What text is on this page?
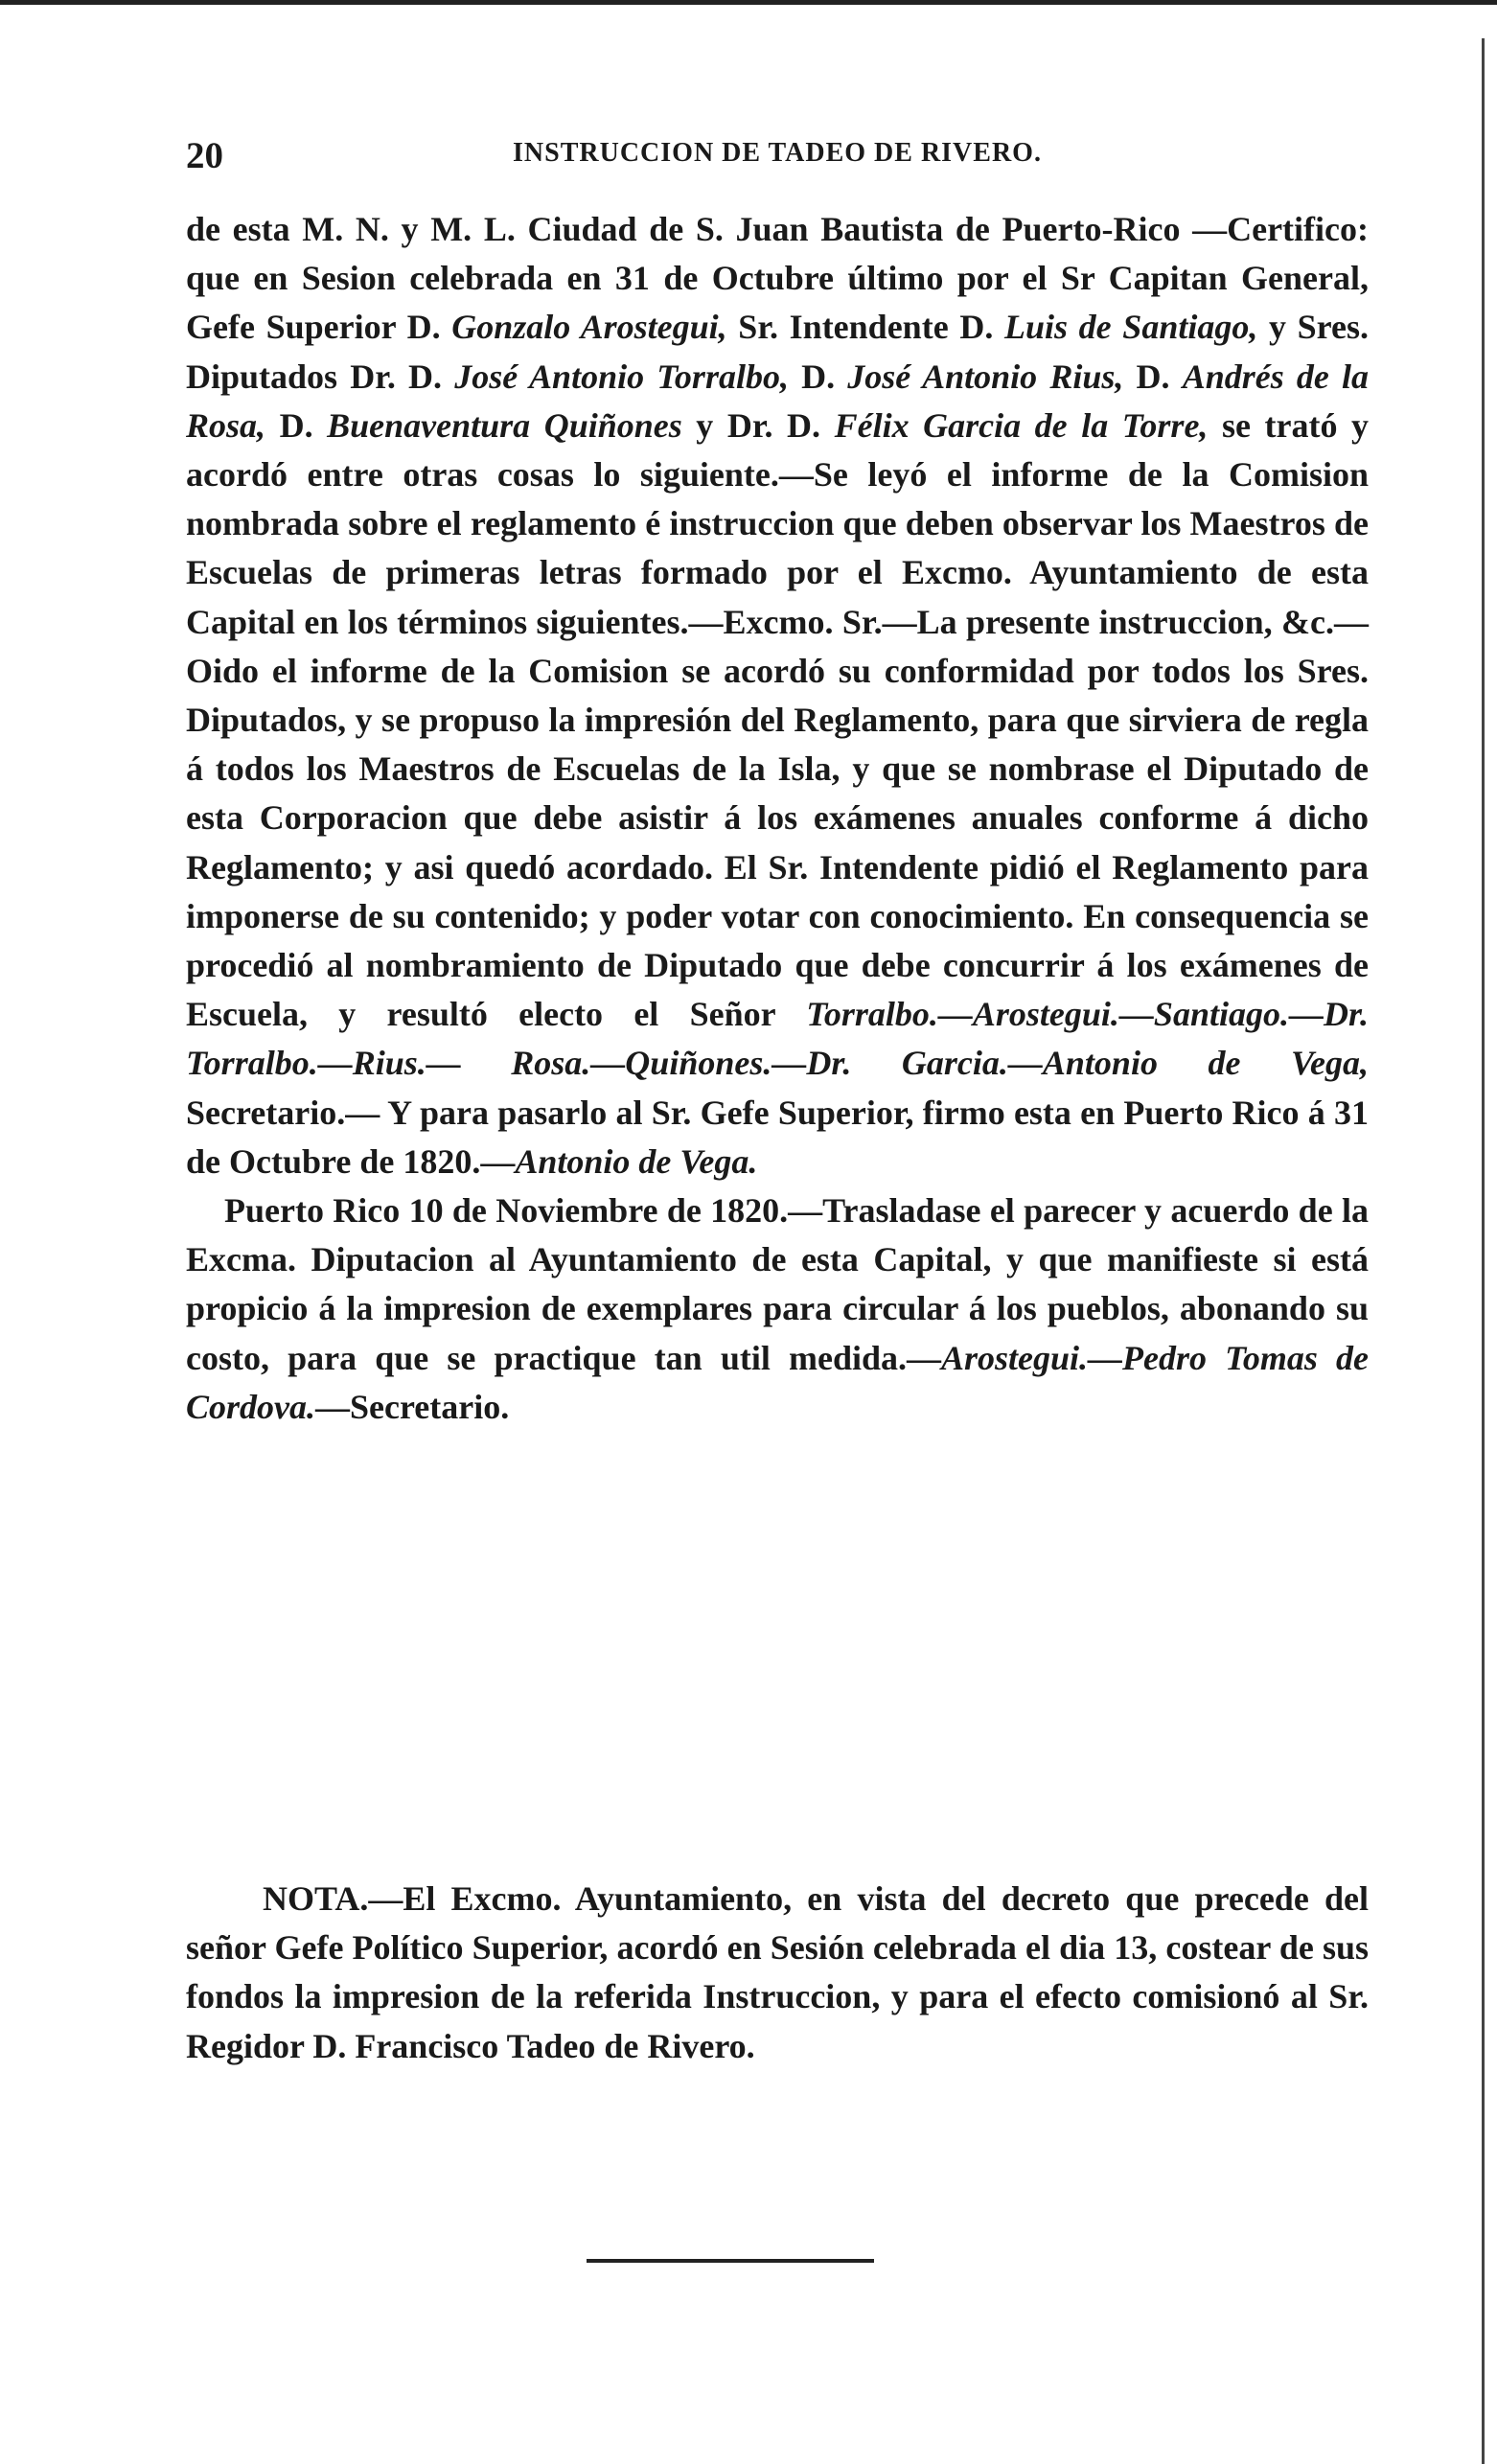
20	INSTRUCCION DE TADEO DE RIVERO.

de esta M. N. y M. L. Ciudad de S. Juan Bautista de Puerto-Rico —Certifico: que en Sesion celebrada en 31 de Octubre último por el Sr Capitan General, Gefe Superior D. Gonzalo Arostegui, Sr. Intendente D. Luis de Santiago, y Sres. Diputados Dr. D. José Antonio Torralbo, D. José Antonio Rius, D. Andrés de la Rosa, D. Buenaventura Quiñones y Dr. D. Félix Garcia de la Torre, se trató y acordó entre otras cosas lo siguiente.—Se leyó el informe de la Comision nombrada sobre el reglamento é instruccion que deben observar los Maestros de Escuelas de primeras letras formado por el Excmo. Ayuntamiento de esta Capital en los términos siguientes.—Excmo. Sr.—La presente instruccion, &c.— Oido el informe de la Comision se acordó su conformidad por todos los Sres. Diputados, y se propuso la impresión del Reglamento, para que sirviera de regla á todos los Maestros de Escuelas de la Isla, y que se nombrase el Diputado de esta Corporacion que debe asistir á los exámenes anuales conforme á dicho Reglamento; y asi quedó acordado. El Sr. Intendente pidió el Reglamento para imponerse de su contenido; y poder votar con conocimiento. En consequencia se procedió al nombramiento de Diputado que debe concurrir á los exámenes de Escuela, y resultó electo el Señor Torralbo.—Arostegui.—Santiago.—Dr. Torralbo.—Rius.— Rosa.—Quiñones.—Dr. Garcia.—Antonio de Vega, Secretario.— Y para pasarlo al Sr. Gefe Superior, firmo esta en Puerto Rico á 31 de Octubre de 1820.—Antonio de Vega.

Puerto Rico 10 de Noviembre de 1820.—Trasladase el parecer y acuerdo de la Excma. Diputacion al Ayuntamiento de esta Capital, y que manifieste si está propicio á la impresion de exemplares para circular á los pueblos, abonando su costo, para que se practique tan util medida.—Arostegui.—Pedro Tomas de Cordova.—Secretario.

NOTA.—El Excmo. Ayuntamiento, en vista del decreto que precede del señor Gefe Político Superior, acordó en Sesión celebrada el dia 13, costear de sus fondos la impresion de la referida Instruccion, y para el efecto comisionó al Sr. Regidor D. Francisco Tadeo de Rivero.
